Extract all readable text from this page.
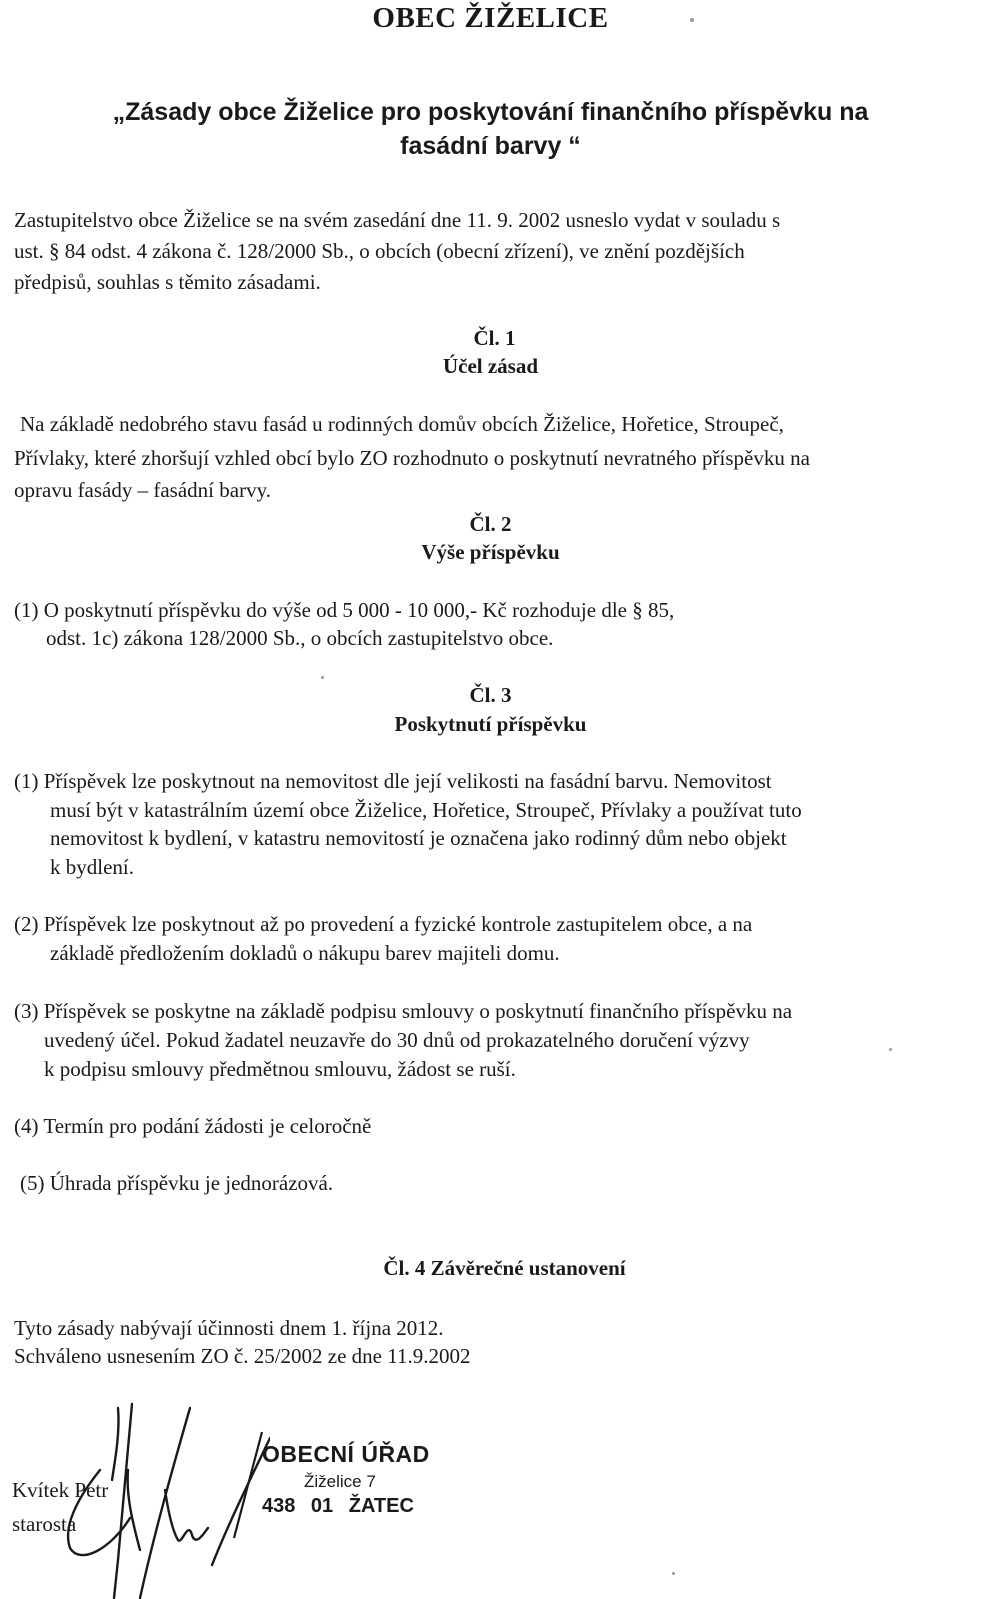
OBEC ŽIŽELICE
„Zásady obce Žiželice pro poskytování finančního příspěvku na
fasádní barvy “
Zastupitelstvo obce Žiželice se na svém zasedání dne 11. 9. 2002 usneslo vydat v souladu s
ust. § 84 odst. 4 zákona č. 128/2000 Sb., o obcích (obecní zřízení), ve znění pozdějších
předpisů, souhlas s těmito zásadami.
Čl. 1
Účel zásad
Na základě nedobrého stavu fasád u rodinných domův obcích Žiželice, Hořetice, Stroupeč,
Přívlaky, které zhoršují vzhled obcí bylo ZO rozhodnuto o poskytnutí nevratného příspěvku na
opravu fasády – fasádní barvy.
Čl. 2
Výše příspěvku
(1) O poskytnutí příspěvku do výše od 5 000 - 10 000,- Kč rozhoduje dle § 85,
odst. 1c) zákona 128/2000 Sb., o obcích zastupitelstvo obce.
Čl. 3
Poskytnutí příspěvku
(1) Příspěvek lze poskytnout na nemovitost dle její velikosti na fasádní barvu. Nemovitost
musí být v katastrálním území obce Žiželice, Hořetice, Stroupeč, Přívlaky a používat tuto
nemovitost k bydlení, v katastru nemovitostí je označena jako rodinný dům nebo objekt
k bydlení.
(2) Příspěvek lze poskytnout až po provedení a fyzické kontrole zastupitelem obce, a na
základě předložením dokladů o nákupu barev majiteli domu.
(3) Příspěvek se poskytne na základě podpisu smlouvy o poskytnutí finančního příspěvku na
uvedený účel. Pokud žadatel neuzavře do 30 dnů od prokazatelného doručení výzvy
k podpisu smlouvy předmětnou smlouvu, žádost se ruší.
(4) Termín pro podání žádosti je celoročně
(5) Úhrada příspěvku je jednorázová.
Čl. 4 Závěrečné ustanovení
Tyto zásady nabývají účinnosti dnem 1. října 2012.
Schváleno usnesením ZO č. 25/2002 ze dne 11.9.2002
Kvítek Petr
starosta
OBECNÍ ÚŘAD
Žiželice 7
438 01 ŽATEC
